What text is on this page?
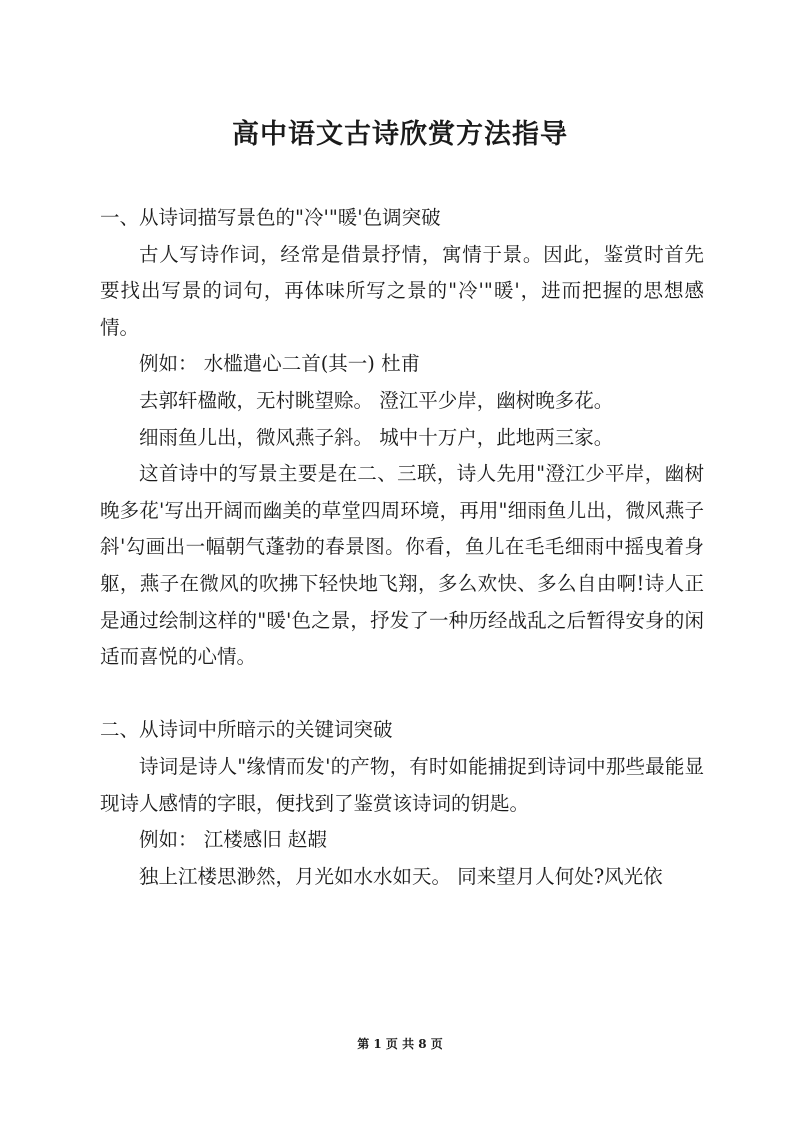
高中语文古诗欣赏方法指导

一、从诗词描写景色的"冷'"暖'色调突破

古人写诗作词，经常是借景抒情，寓情于景。因此，鉴赏时首先要找出写景的词句，再体味所写之景的"冷'"暖'，进而把握的思想感情。

例如： 水槛遣心二首(其一) 杜甫

去郭轩楹敞，无村眺望赊。 澄江平少岸，幽树晚多花。

细雨鱼儿出，微风燕子斜。 城中十万户，此地两三家。

这首诗中的写景主要是在二、三联，诗人先用"澄江少平岸，幽树晚多花'写出开阔而幽美的草堂四周环境，再用"细雨鱼儿出，微风燕子斜'勾画出一幅朝气蓬勃的春景图。你看，鱼儿在毛毛细雨中摇曳着身躯，燕子在微风的吹拂下轻快地飞翔，多么欢快、多么自由啊!诗人正是通过绘制这样的"暖'色之景，抒发了一种历经战乱之后暂得安身的闲适而喜悦的心情。

二、从诗词中所暗示的关键词突破

诗词是诗人"缘情而发'的产物，有时如能捕捉到诗词中那些最能显现诗人感情的字眼，便找到了鉴赏该诗词的钥匙。

例如： 江楼感旧 赵嘏

独上江楼思渺然，月光如水水如天。 同来望月人何处?风光依

第 1 页 共 8 页
